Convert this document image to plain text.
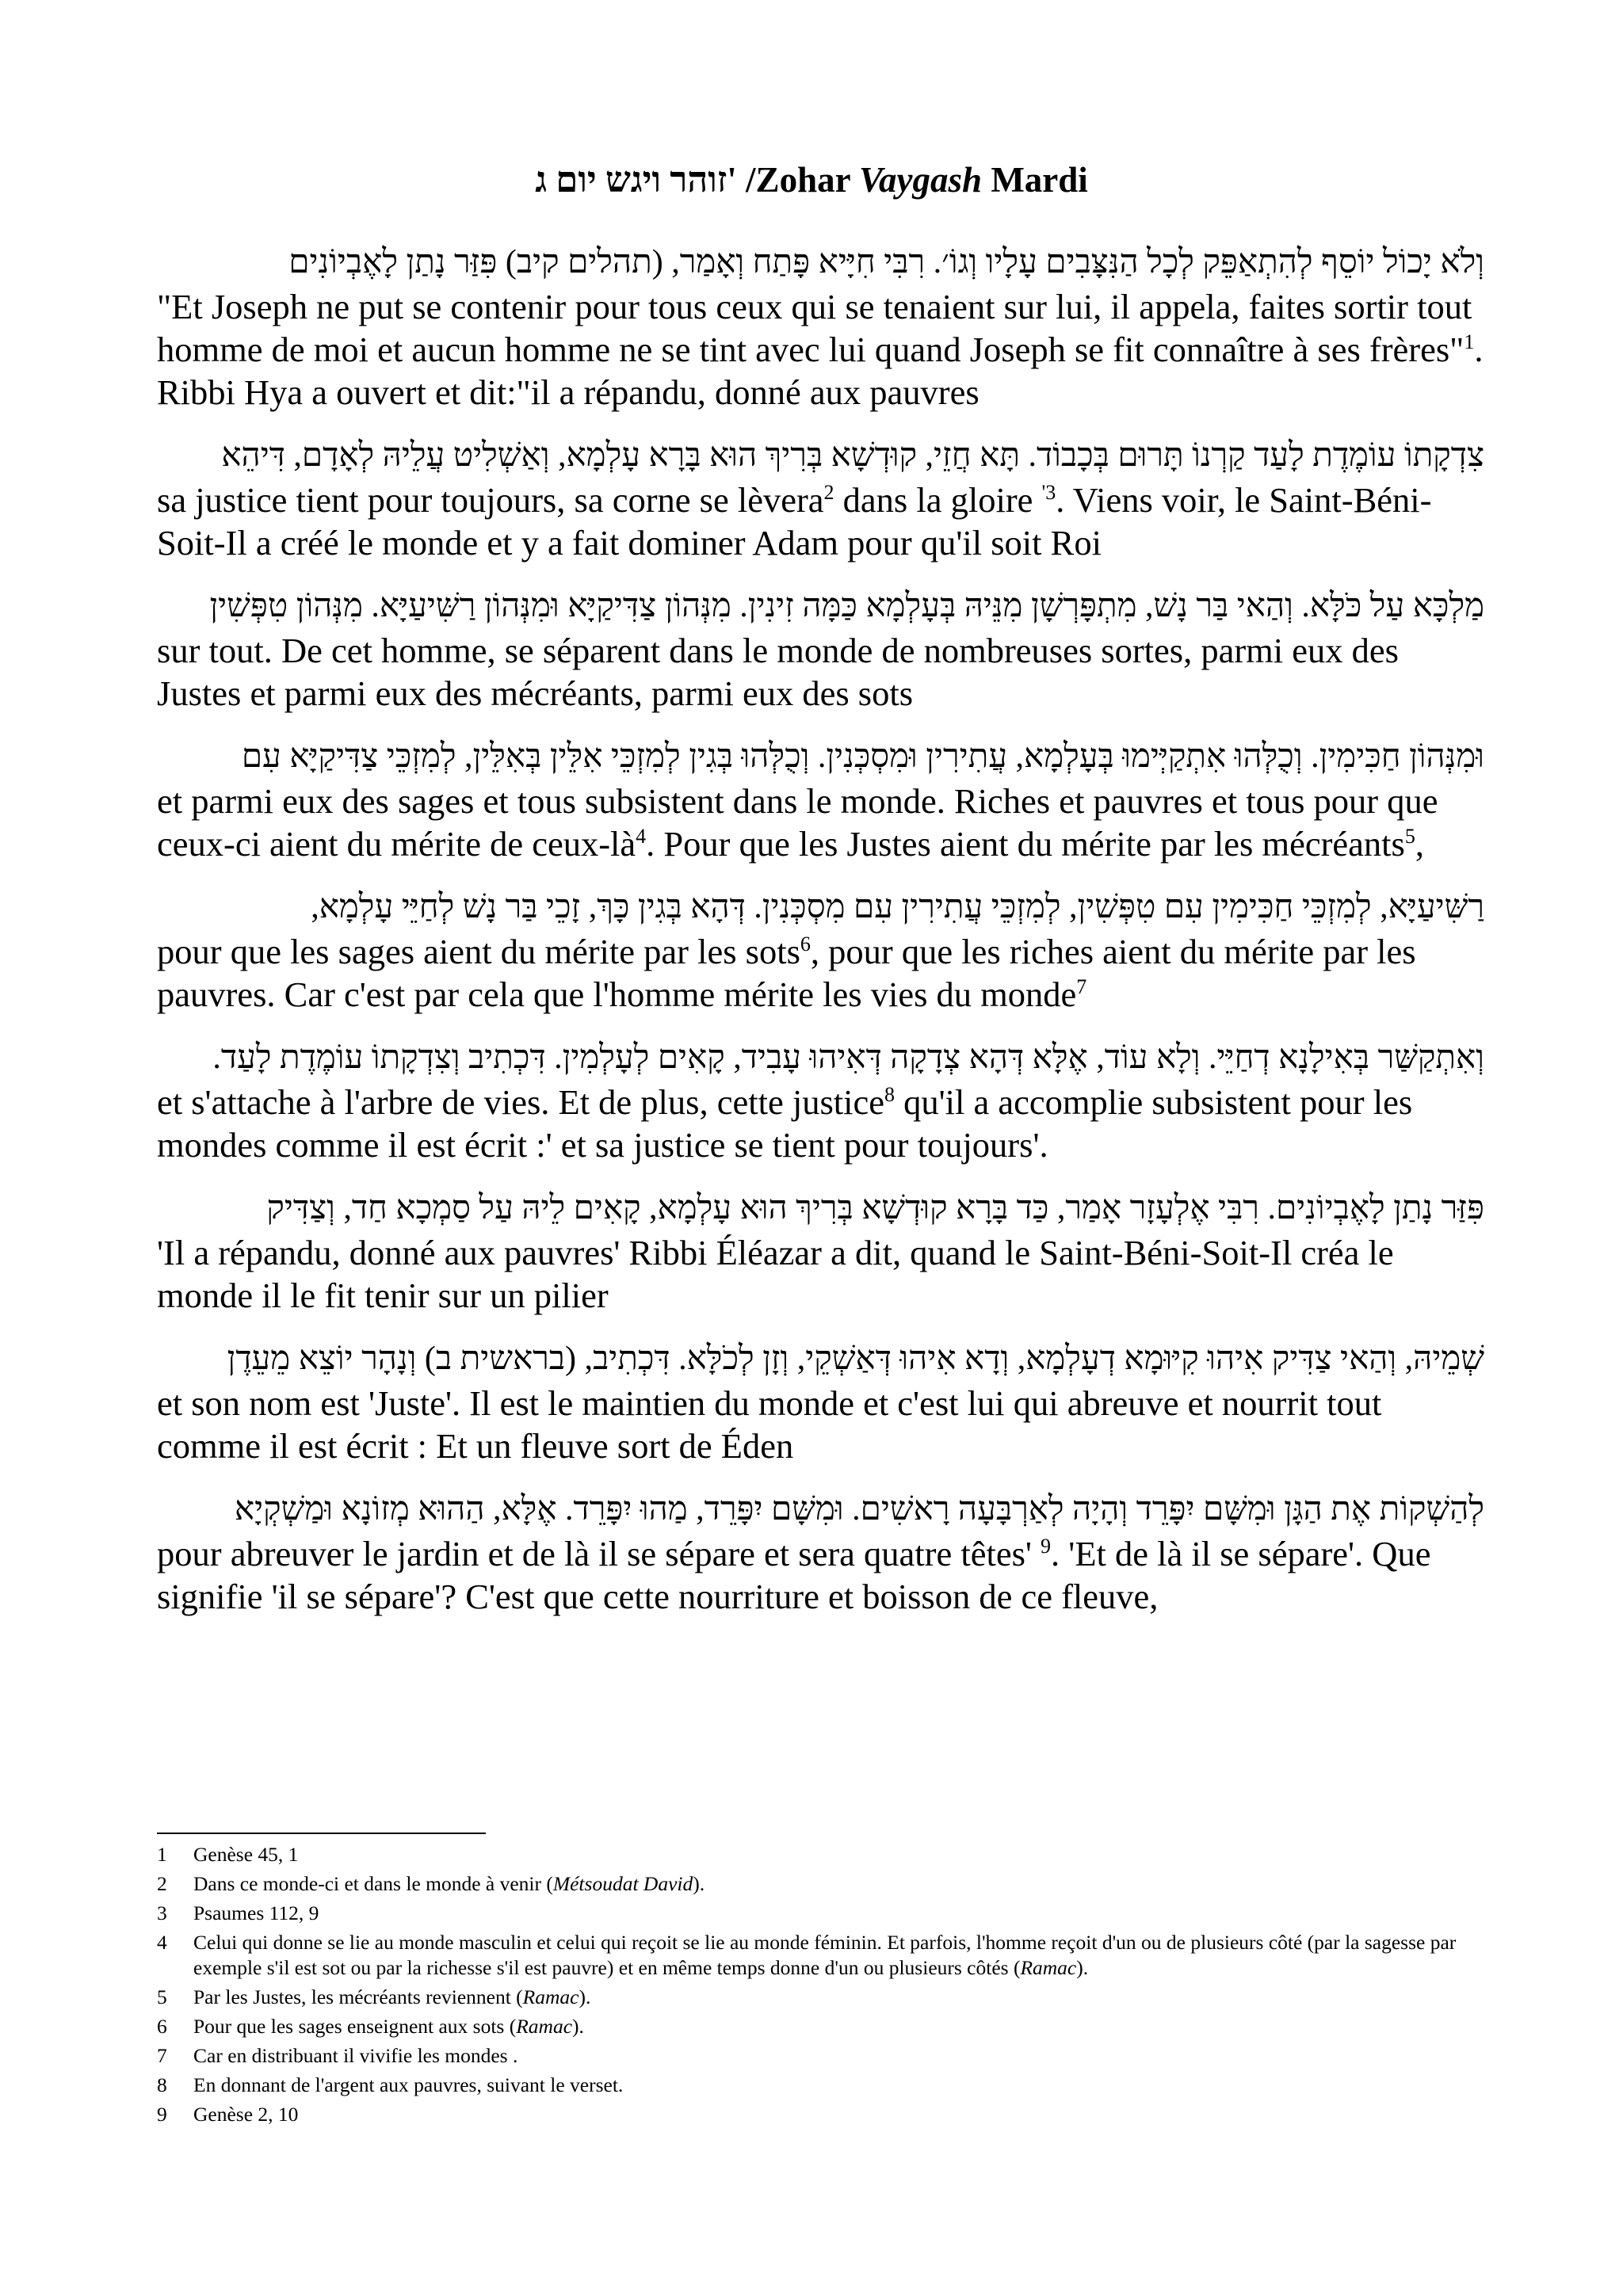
זוהר ויגש יום ג' /Zohar Vaygash Mardi
וְלֹא יָכוֹל יוֹסֵף לְהִתְאַפֵּק לְכָל הַנִּצָּבִים עָלָיו וְגוֹ׳. רִבִּי חִיָּיא פָּתַח וְאָמַר, (תהלים קיב) פִּזַּר נָתַן לָאֶבְיוֹנִים
"Et Joseph ne put se contenir pour tous ceux qui se tenaient sur lui, il appela, faites sortir tout homme de moi et aucun homme ne se tint avec lui quand Joseph se fit connaître à ses frères"$^1$. Ribbi Hya a ouvert et dit:"il a répandu, donné aux pauvres
צִדְקָתוֹ עוֹמֶדֶת לָעַד קַרְנוֹ תָּרוּם בְּכָבוֹד. תָּא חֲזֵי, קוּדְשָׁא בְּרִיךְ הוּא בָּרָא עָלְמָא, וְאַשְׁלִיט עֲלֵיהּ לְאָדָם, דִּיהֵא
sa justice tient pour toujours, sa corne se lèvera$^2$ dans la gloire $^{'3}$. Viens voir, le Saint-Béni-Soit-Il a créé le monde et y a fait dominer Adam pour qu'il soit Roi
מַלְכָּא עַל כֹּלָּא. וְהַאי בַּר נָשׁ, מִתְפָּרְשָׁן מִנֵּיהּ בְּעָלְמָא כַּמָּה זִינִין. מִנְּהוֹן צַדִּיקַיָּא וּמִנְּהוֹן רַשִּׁיעַיָּא. מִנְּהוֹן טִפְּשִׁין
sur tout. De cet homme, se séparent dans le monde de nombreuses sortes, parmi eux des Justes et parmi eux des mécréants, parmi eux des sots
וּמִנְּהוֹן חַכִּימִין. וְכֻלְּהוּ אִתְקַיְּימוּ בְּעָלְמָא, עֲתִירִין וּמִסְכְּנִין. וְכֻלְּהוּ בְּגִין לְמִזְכֵּי אִלֵּין בְּאִלֵּין, לְמִזְכֵּי צַדִּיקַיָּא עִם
et parmi eux des sages et tous subsistent dans le monde. Riches et pauvres et tous pour que ceux-ci aient du mérite de ceux-$là^4$. Pour que les Justes aient du mérite par les mécréants$^5$,
רַשִּׁיעַיָּא, לְמִזְכֵּי חַכִּימִין עִם טִפְּשִׁין, לְמִזְכֵּי עֲתִירִין עִם מִסְכְּנִין. דְּהָא בְּגִין כָּךְ, זָכֵי בַּר נָשׁ לְחַיֵּי עָלְמָא,
pour que les sages aient du mérite par les sots$^6$, pour que les riches aient du mérite par les pauvres. Car c'est par cela que l'homme mérite les vies du monde$^7$
וְאִתְקַשַּׁר בְּאִילָנָא דְחַיֵּי. וְלָא עוֹד, אֶלָּא דְּהָא צְדָקָה דְּאִיהוּ עָבִיד, קָאִים לְעָלְמִין. דִּכְתִיב וְצִדְקָתוֹ עוֹמֶדֶת לָעַד.
et s'attache à l'arbre de vies. Et de plus, cette justice$^8$ qu'il a accomplie subsistent pour les mondes comme il est écrit :' et sa justice se tient pour toujours'.
פִּזַּר נָתַן לָאֶבְיוֹנִים. רִבִּי אֶלְעָזָר אָמַר, כַּד בָּרָא קוּדְשָׁא בְּרִיךְ הוּא עָלְמָא, קָאִים לֵיהּ עַל סַמְכָא חַד, וְצַדִּיק
'Il a répandu, donné aux pauvres' Ribbi Éléazar a dit, quand le Saint-Béni-Soit-Il créa le monde il le fit tenir sur un pilier
שְׁמֵיהּ, וְהַאי צַדִּיק אִיהוּ קִיּוּמָא דְעָלְמָא, וְדָא אִיהוּ דְּאַשְׁקֵי, וְזָן לְכֹלָּא. דִּכְתִיב, (בראשית ב) וְנָהָר יוֹצֵא מֵעֵדֶן
et son nom est 'Juste'. Il est le maintien du monde et c'est lui qui abreuve et nourrit tout comme il est écrit : Et un fleuve sort de Éden
לְהַשְׁקוֹת אֶת הַגָּן וּמִשָּׁם יִפָּרֵד וְהָיָה לְאַרְבָּעָה רָאשִׁים. וּמִשָּׁם יִפָּרֵד, מַהוּ יִפָּרֵד. אֶלָּא, הַהוּא מְזוֹנָא וּמַשְׁקְיָא
pour abreuver le jardin et de là il se sépare et sera quatre têtes' $^9$. 'Et de là il se sépare'. Que signifie 'il se sépare'? C'est que cette nourriture et boisson de ce fleuve,
1	Genèse 45, 1
2	Dans ce monde-ci et dans le monde à venir (Métsoudat David).
3	Psaumes 112, 9
4	Celui qui donne se lie au monde masculin et celui qui reçoit se lie au monde féminin. Et parfois, l'homme reçoit d'un ou de plusieurs côté (par la sagesse par exemple s'il est sot ou par la richesse s'il est pauvre) et en même temps donne d'un ou plusieurs côtés (Ramac).
5	Par les Justes, les mécréants reviennent (Ramac).
6	Pour que les sages enseignent aux sots (Ramac).
7	Car en distribuant il vivifie les mondes .
8	En donnant de l'argent aux pauvres, suivant le verset.
9	Genèse 2, 10
